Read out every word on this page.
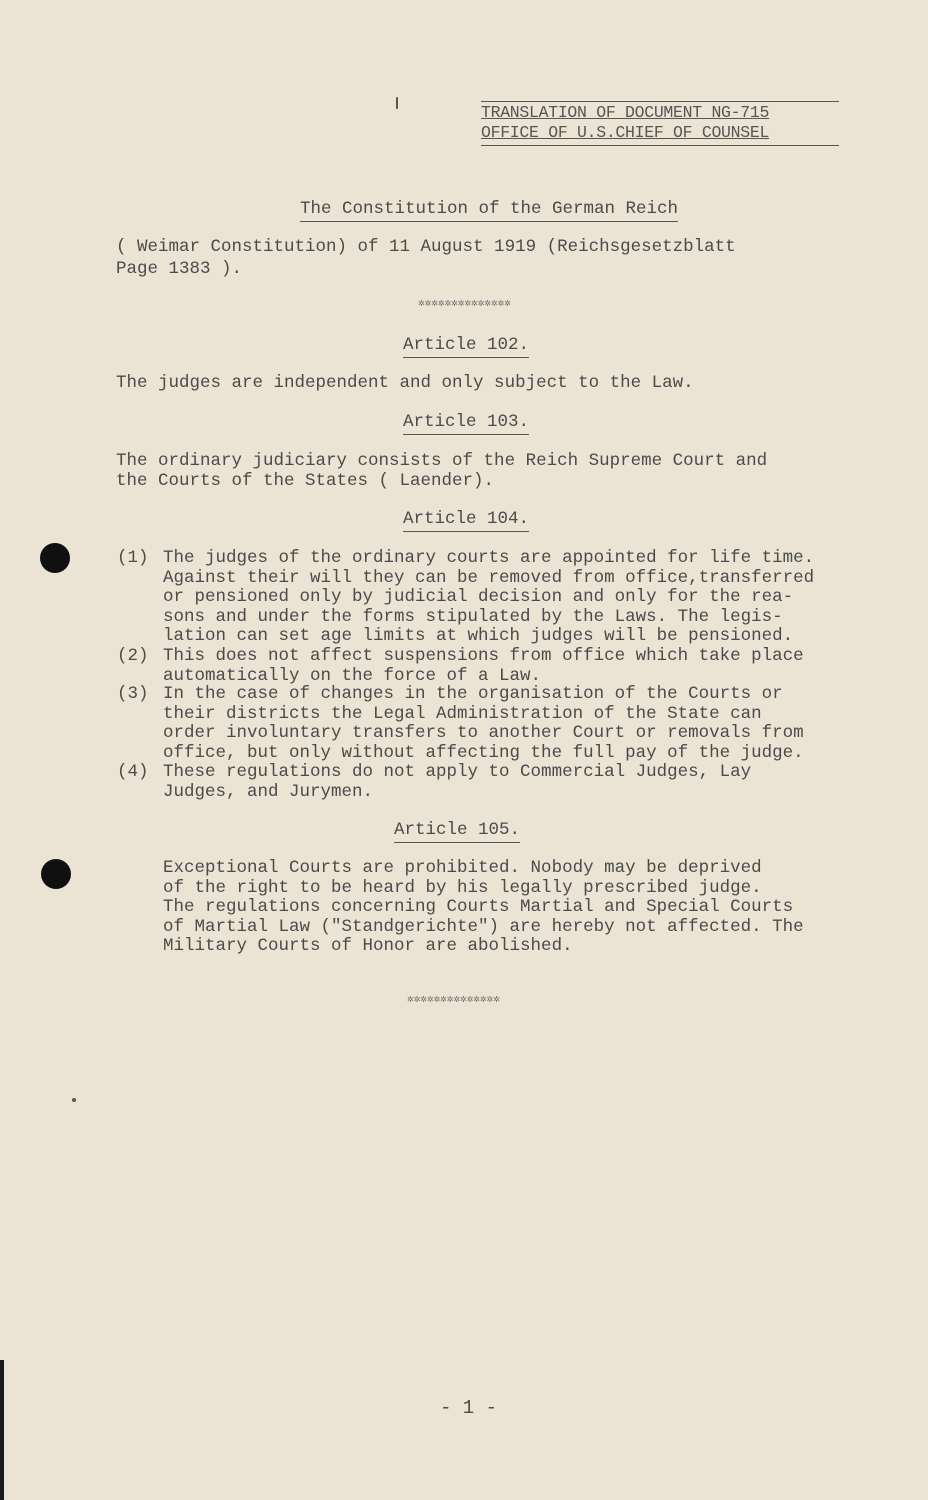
TRANSLATION OF DOCUMENT NG-715
OFFICE OF U.S.CHIEF OF COUNSEL
The Constitution of the German Reich
( Weimar Constitution) of 11 August 1919 (Reichsgesetzblatt
Page 1383 ).
✲✲✲✲✲✲✲✲✲✲✲✲✲✲
Article 102.
The judges are independent and only subject to the Law.
Article 103.
The ordinary judiciary consists of the Reich Supreme Court and
the Courts of the States ( Laender).
Article 104.
(1) The judges of the ordinary courts are appointed for life time.
Against their will they can be removed from office,transferred
or pensioned only by judicial decision and only for the rea-
sons and under the forms stipulated by the Laws. The legis-
lation can set age limits at which judges will be pensioned.
(2) This does not affect suspensions from office which take place
automatically on the force of a Law.
(3) In the case of changes in the organisation of the Courts or
their districts the Legal Administration of the State can
order involuntary transfers to another Court or removals from
office, but only without affecting the full pay of the judge.
(4) These regulations do not apply to Commercial Judges, Lay
Judges, and Jurymen.
Article 105.
Exceptional Courts are prohibited. Nobody may be deprived
of the right to be heard by his legally prescribed judge.
The regulations concerning Courts Martial and Special Courts
of Martial Law ("Standgerichte") are hereby not affected. The
Military Courts of Honor are abolished.
✲✲✲✲✲✲✲✲✲✲✲✲✲✲
- 1 -
